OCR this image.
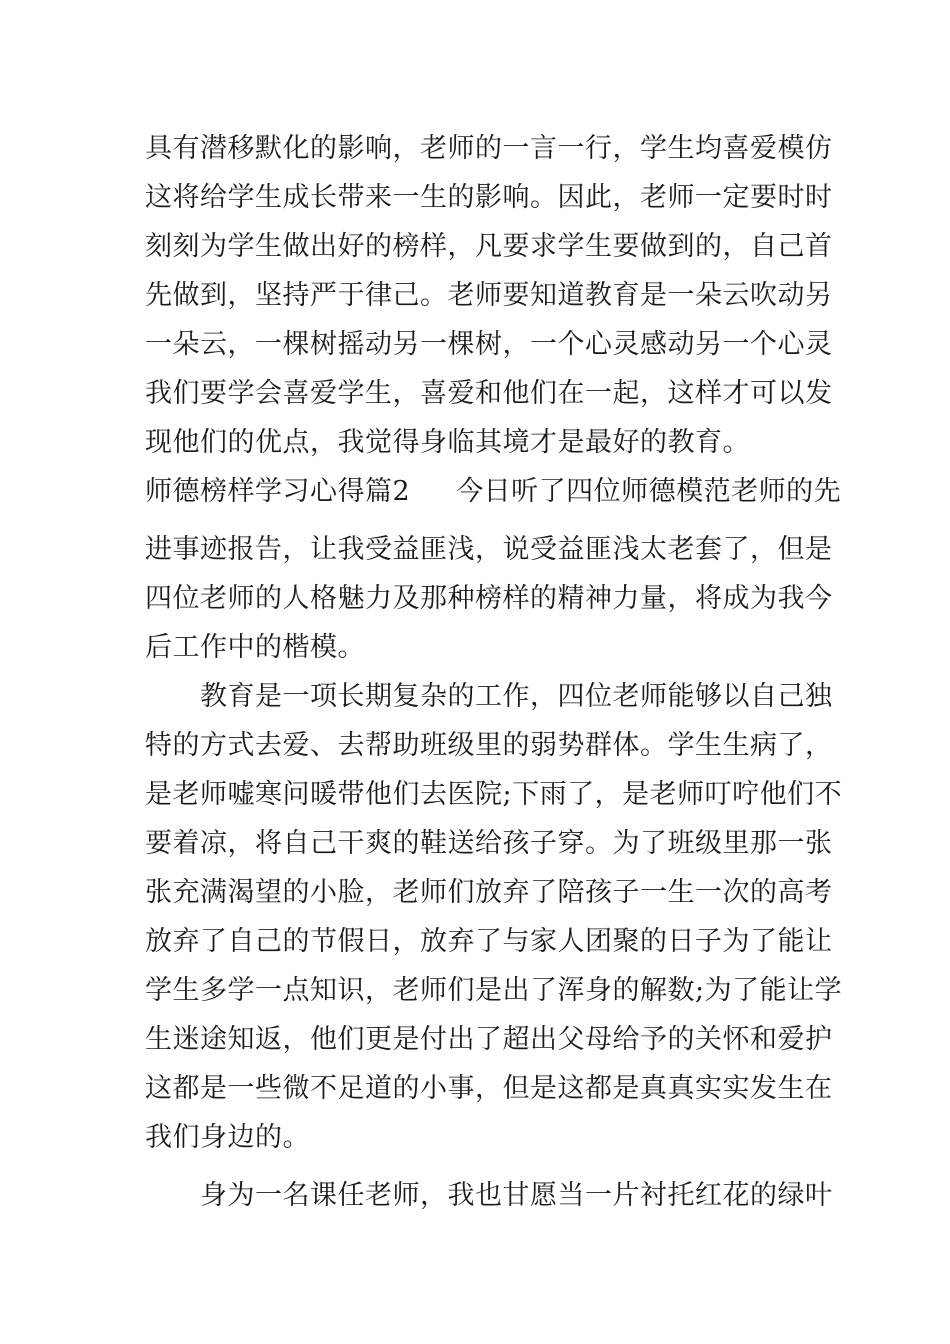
具有潜移默化的影响，老师的一言一行，学生均喜爱模仿
这将给学生成长带来一生的影响。因此，老师一定要时时
刻刻为学生做出好的榜样，凡要求学生要做到的，自己首
先做到，坚持严于律己。老师要知道教育是一朵云吹动另
一朵云，一棵树摇动另一棵树，一个心灵感动另一个心灵
我们要学会喜爱学生，喜爱和他们在一起，这样才可以发
现他们的优点，我觉得身临其境才是最好的教育。
师德榜样学习心得篇2 今日听了四位师德模范老师的先
进事迹报告，让我受益匪浅，说受益匪浅太老套了，但是
四位老师的人格魅力及那种榜样的精神力量，将成为我今
后工作中的楷模。
　　教育是一项长期复杂的工作，四位老师能够以自己独
特的方式去爱、去帮助班级里的弱势群体。学生生病了，
是老师嘘寒问暖带他们去医院;下雨了，是老师叮咛他们不
要着凉，将自己干爽的鞋送给孩子穿。为了班级里那一张
张充满渴望的小脸，老师们放弃了陪孩子一生一次的高考
放弃了自己的节假日，放弃了与家人团聚的日子为了能让
学生多学一点知识，老师们是出了浑身的解数;为了能让学
生迷途知返，他们更是付出了超出父母给予的关怀和爱护
这都是一些微不足道的小事，但是这都是真真实实发生在
我们身边的。
　　身为一名课任老师，我也甘愿当一片衬托红花的绿叶
